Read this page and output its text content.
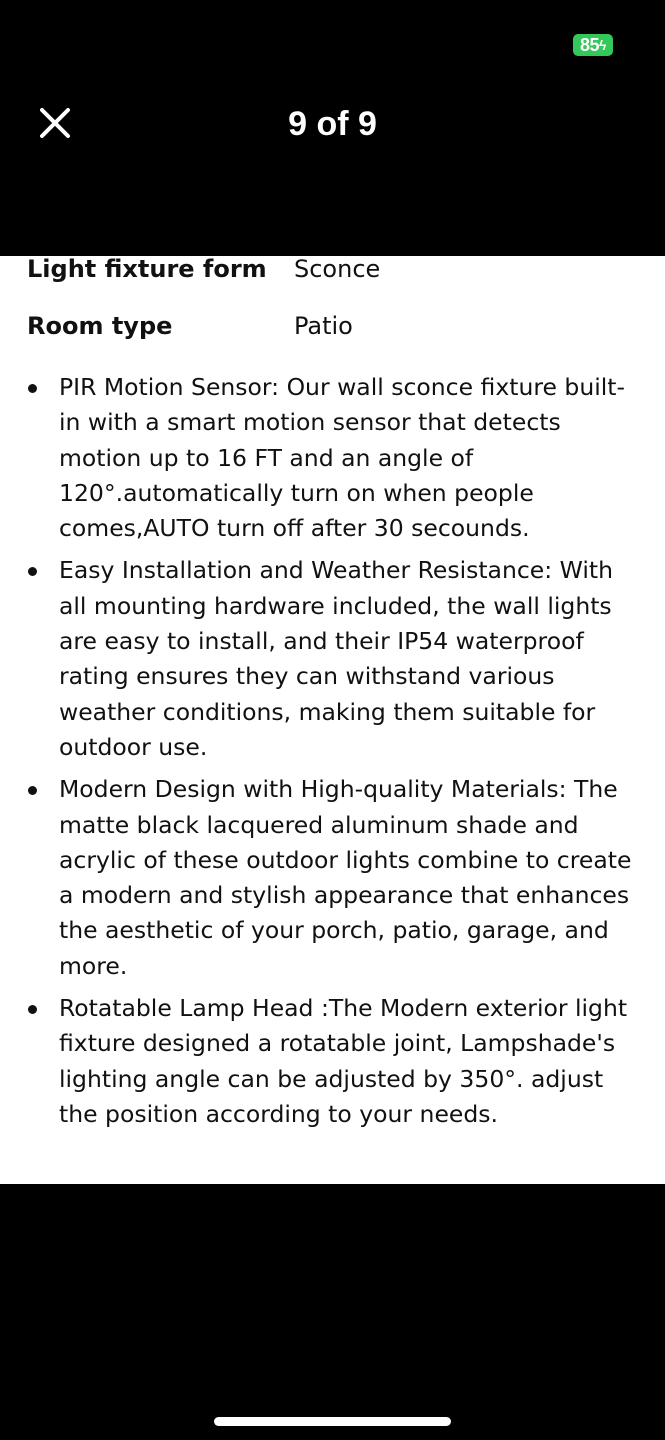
85 ϟ
9 of 9
Light fixture form Sconce
Room type	Patio
PIR Motion Sensor: Our wall sconce fixture built-in with a smart motion sensor that detects motion up to 16 FT and an angle of 120°.automatically turn on when people comes,AUTO turn off after 30 secounds.
Easy Installation and Weather Resistance: With all mounting hardware included, the wall lights are easy to install, and their IP54 waterproof rating ensures they can withstand various weather conditions, making them suitable for outdoor use.
Modern Design with High-quality Materials: The matte black lacquered aluminum shade and acrylic of these outdoor lights combine to create a modern and stylish appearance that enhances the aesthetic of your porch, patio, garage, and more.
Rotatable Lamp Head :The Modern exterior light fixture designed a rotatable joint, Lampshade's lighting angle can be adjusted by 350°. adjust the position according to your needs.
